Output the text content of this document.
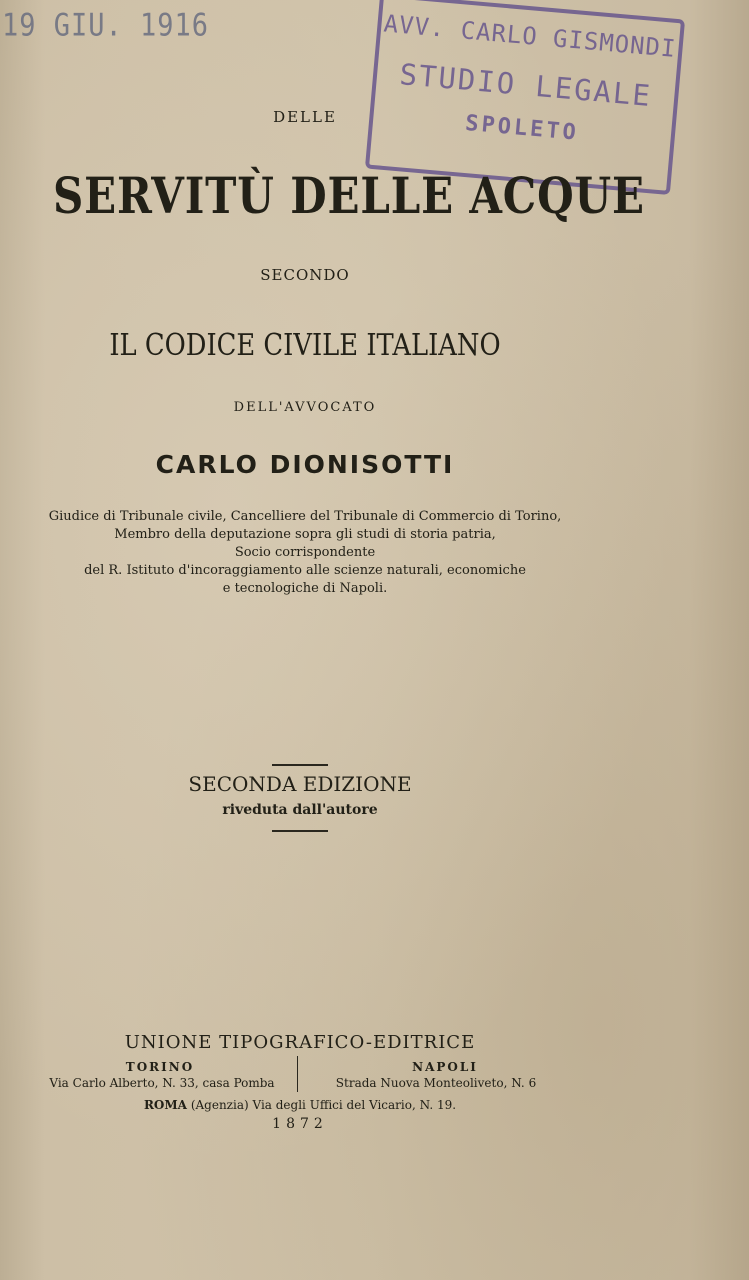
19 GIU. 1916	AVV. CARLO GISMONDI
STUDIO LEGALE
SPOLETO
DELLE
SERVITÙ DELLE ACQUE
SECONDO
IL CODICE CIVILE ITALIANO
DELL'AVVOCATO
CARLO DIONISOTTI
Giudice di Tribunale civile, Cancelliere del Tribunale di Commercio di Torino,
Membro della deputazione sopra gli studi di storia patria,
Socio corrispondente
del R. Istituto d'incoraggiamento alle scienze naturali, economiche
e tecnologiche di Napoli.
SECONDA EDIZIONE
riveduta dall'autore
UNIONE TIPOGRAFICO-EDITRICE
TORINO
Via Carlo Alberto, N. 33, casa Pomba
NAPOLI
Strada Nuova Monteoliveto, N. 6
ROMA (Agenzia) Via degli Uffici del Vicario, N. 19.
1872
